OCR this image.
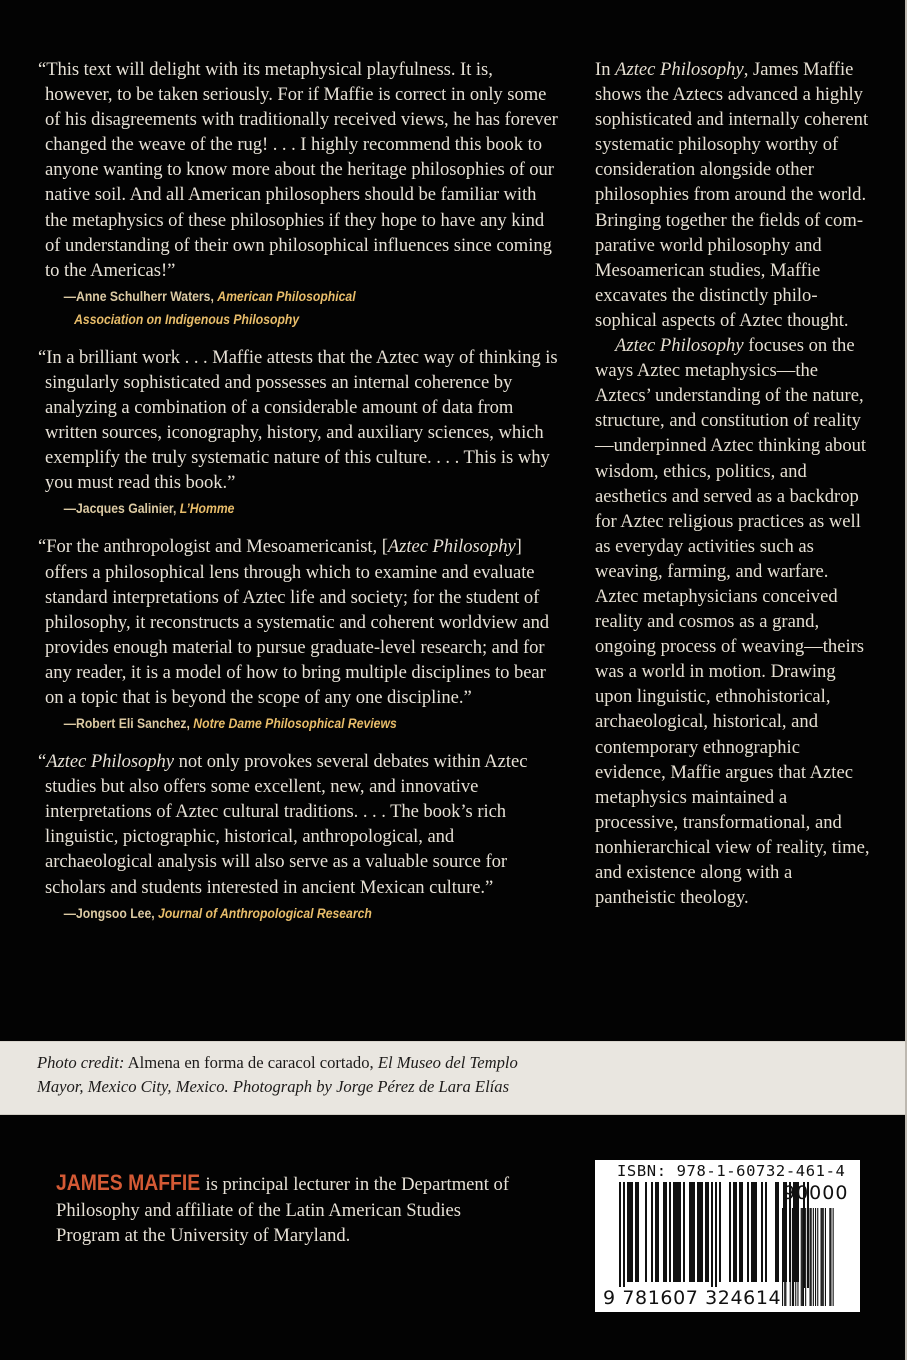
“This text will delight with its metaphysical playfulness. It is, however, to be taken seriously. For if Maffie is correct in only some of his disagreements with traditionally received views, he has forever changed the weave of the rug! . . . I highly recommend this book to anyone wanting to know more about the heritage philosophies of our native soil. And all American philosophers should be familiar with the metaphysics of these philosophies if they hope to have any kind of understanding of their own philosophical influences since coming to the Americas!”
—Anne Schulherr Waters, American Philosophical
Association on Indigenous Philosophy
“In a brilliant work . . . Maffie attests that the Aztec way of thinking is singularly sophisticated and possesses an internal coherence by analyzing a combination of a considerable amount of data from written sources, iconography, history, and auxiliary sciences, which exemplify the truly systematic nature of this culture. . . . This is why you must read this book.”
—Jacques Galinier, L’Homme
“For the anthropologist and Mesoamericanist, [Aztec Philosophy] offers a philosophical lens through which to examine and evaluate standard interpretations of Aztec life and society; for the student of philosophy, it reconstructs a systematic and coherent worldview and provides enough material to pursue graduate-level research; and for any reader, it is a model of how to bring multiple disciplines to bear on a topic that is beyond the scope of any one discipline.”
—Robert Eli Sanchez, Notre Dame Philosophical Reviews
“Aztec Philosophy not only provokes several debates within Aztec studies but also offers some excellent, new, and innovative interpretations of Aztec cultural traditions. . . . The book’s rich linguistic, pictographic, historical, anthropological, and archaeological analysis will also serve as a valuable source for scholars and students interested in ancient Mexican culture.”
—Jongsoo Lee, Journal of Anthropological Research

In Aztec Philosophy, James Maffie shows the Aztecs advanced a highly sophisticated and internally coherent systematic philosophy worthy of consideration alongside other philosophies from around the world. Bringing together the fields of comparative world philosophy and Mesoamerican studies, Maffie excavates the distinctly philosophical aspects of Aztec thought.

Aztec Philosophy focuses on the ways Aztec metaphysics—the Aztecs’ understanding of the nature, structure, and constitution of reality—underpinned Aztec thinking about wisdom, ethics, politics, and aesthetics and served as a backdrop for Aztec religious practices as well as everyday activities such as weaving, farming, and warfare. Aztec metaphysicians conceived reality and cosmos as a grand, ongoing process of weaving—theirs was a world in motion. Drawing upon linguistic, ethnohistorical, archaeological, historical, and contemporary ethnographic evidence, Maffie argues that Aztec metaphysics maintained a processive, transformational, and nonhierarchical view of reality, time, and existence along with a pantheistic theology.

Photo credit: Almena en forma de caracol cortado, El Museo del Templo Mayor, Mexico City, Mexico. Photograph by Jorge Pérez de Lara Elías
JAMES MAFFIE is principal lecturer in the Department of Philosophy and affiliate of the Latin American Studies Program at the University of Maryland.
ISBN: 978-1-60732-461-4
90000
9 781607 324614
